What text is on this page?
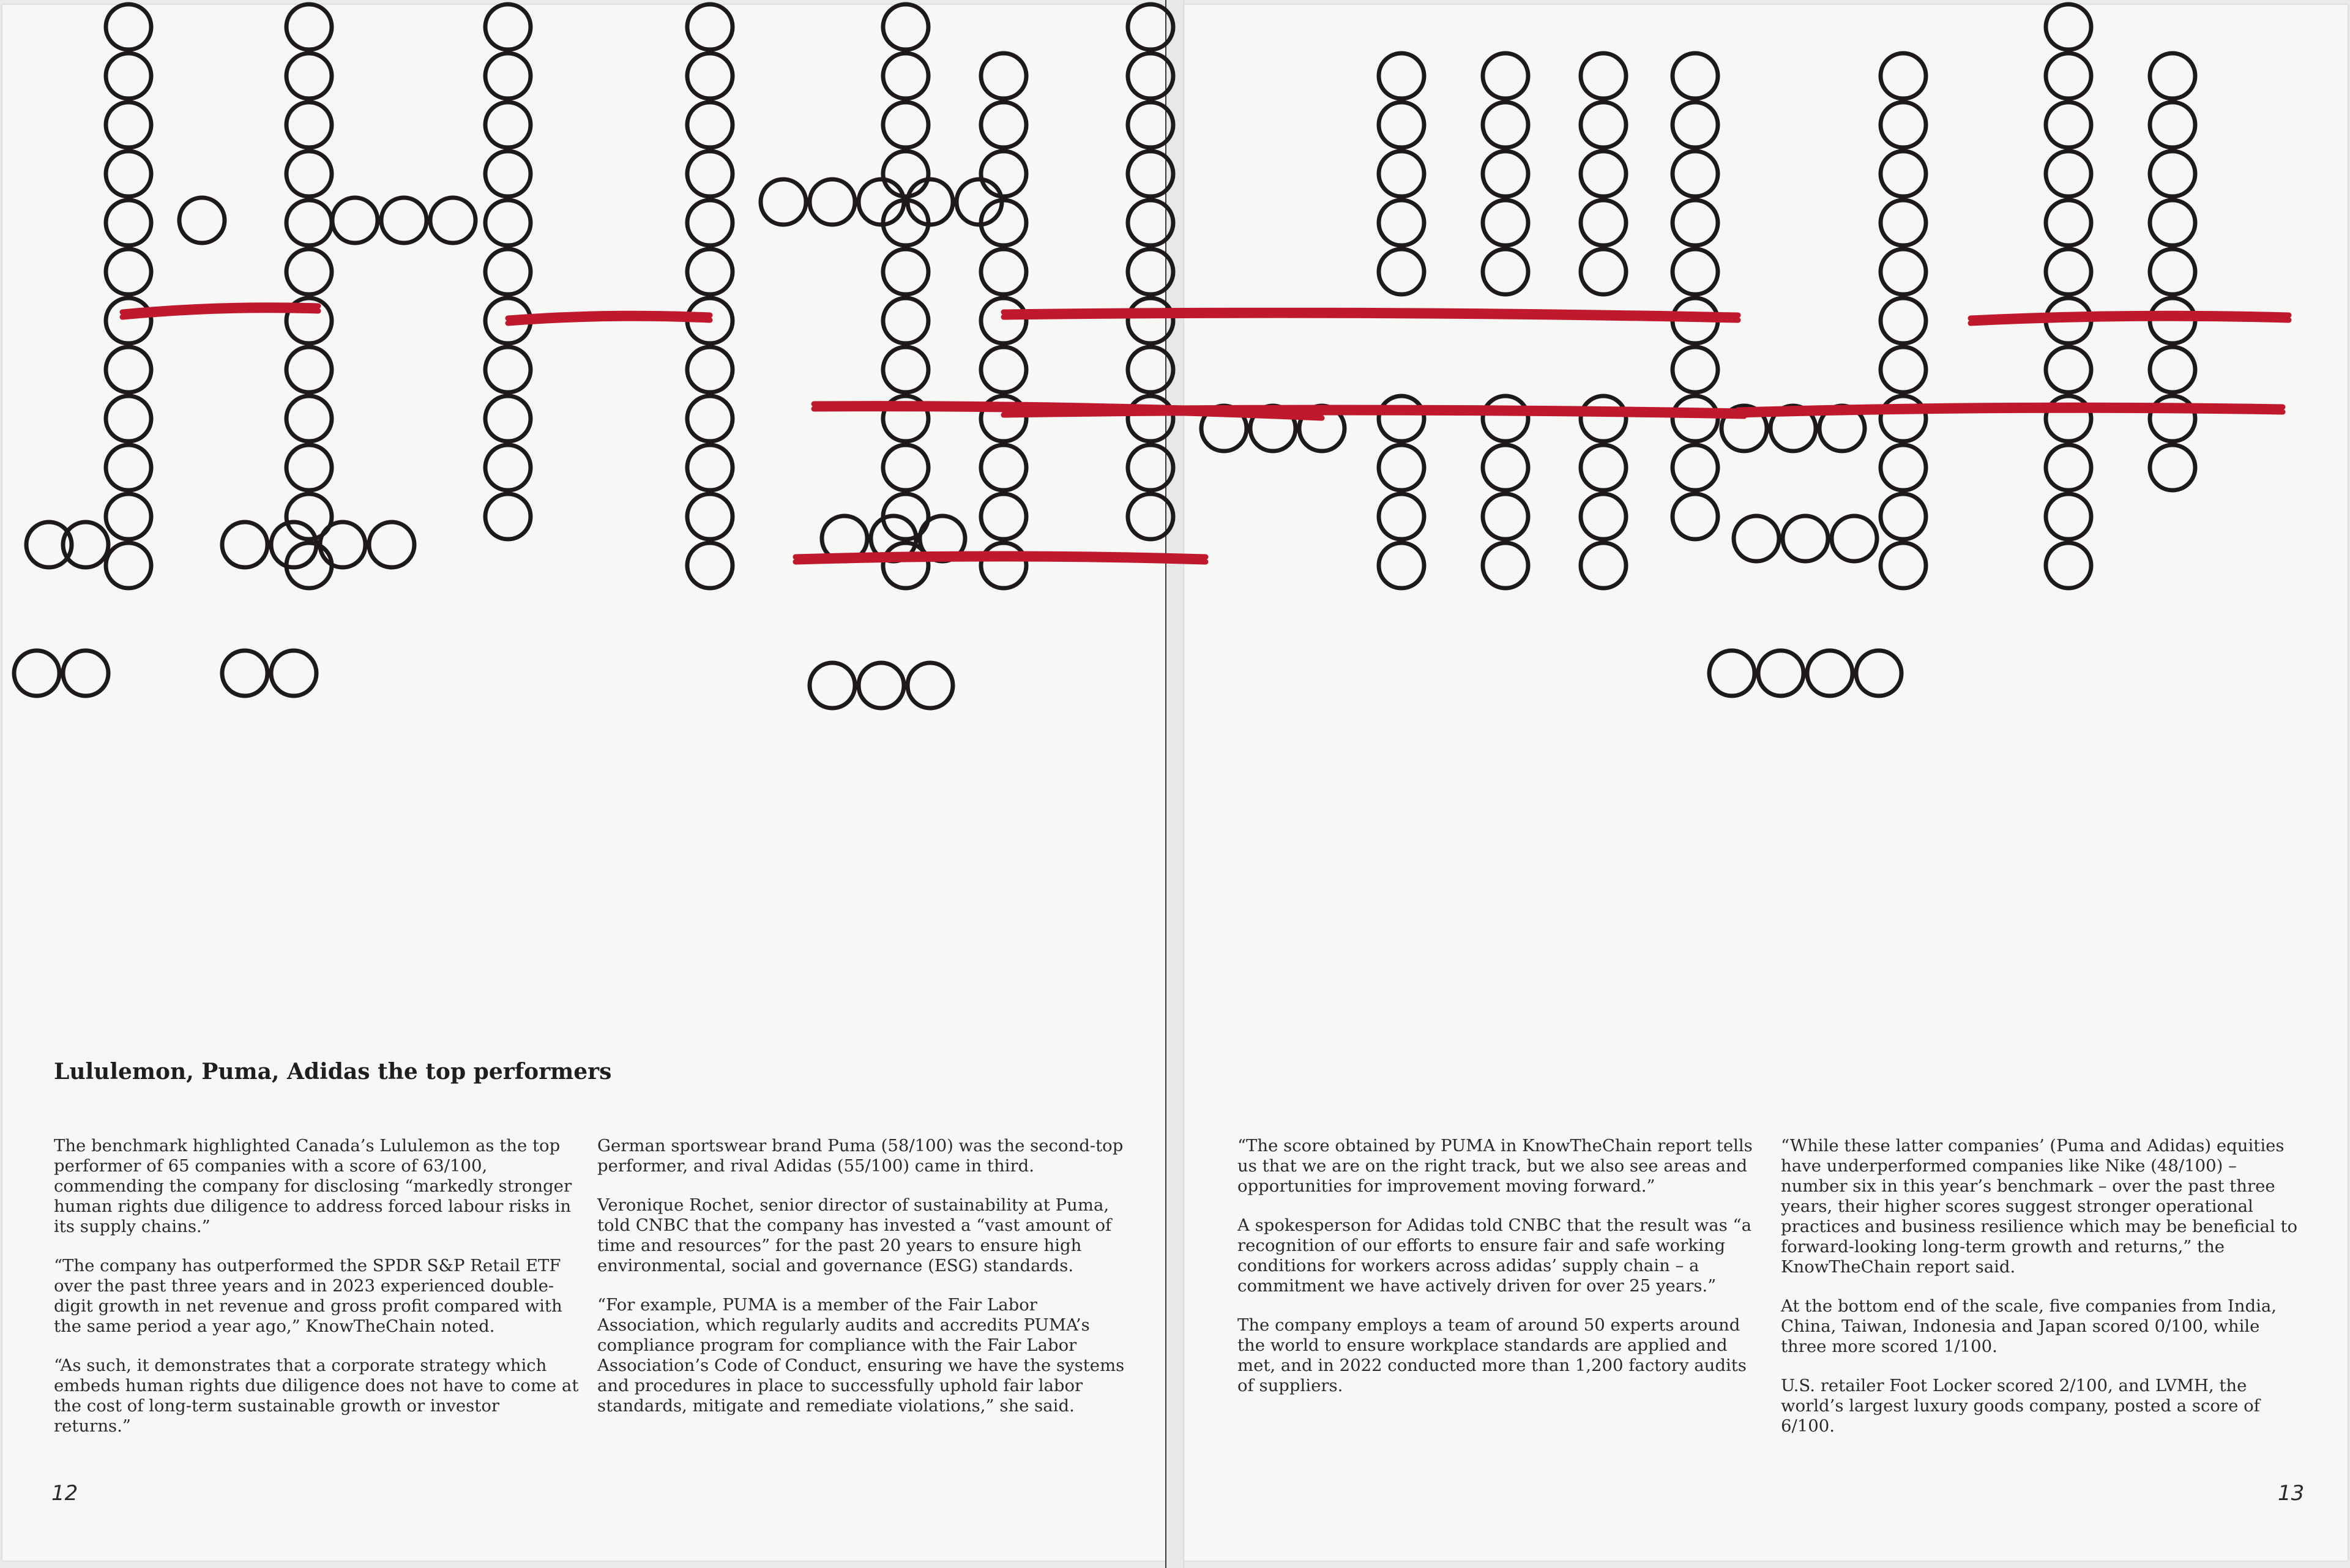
Lululemon, Puma, Adidas the top performers

The benchmark highlighted Canada’s Lululemon as the top performer of 65 companies with a score of 63/100, commending the company for disclosing “markedly stronger human rights due diligence to address forced labour risks in its supply chains.”

“The company has outperformed the SPDR S&P Retail ETF over the past three years and in 2023 experienced double-digit growth in net revenue and gross profit compared with the same period a year ago,” KnowTheChain noted.

“As such, it demonstrates that a corporate strategy which embeds human rights due diligence does not have to come at the cost of long-term sustainable growth or investor returns.”

German sportswear brand Puma (58/100) was the second-top performer, and rival Adidas (55/100) came in third.

Veronique Rochet, senior director of sustainability at Puma, told CNBC that the company has invested a “vast amount of time and resources” for the past 20 years to ensure high environmental, social and governance (ESG) standards.

“For example, PUMA is a member of the Fair Labor Association, which regularly audits and accredits PUMA’s compliance program for compliance with the Fair Labor Association’s Code of Conduct, ensuring we have the systems and procedures in place to successfully uphold fair labor standards, mitigate and remediate violations,” she said.

“The score obtained by PUMA in KnowTheChain report tells us that we are on the right track, but we also see areas and opportunities for improvement moving forward.”

A spokesperson for Adidas told CNBC that the result was “a recognition of our efforts to ensure fair and safe working conditions for workers across adidas’ supply chain – a commitment we have actively driven for over 25 years.”

The company employs a team of around 50 experts around the world to ensure workplace standards are applied and met, and in 2022 conducted more than 1,200 factory audits of suppliers.

“While these latter companies’ (Puma and Adidas) equities have underperformed companies like Nike (48/100) – number six in this year’s benchmark – over the past three years, their higher scores suggest stronger operational practices and business resilience which may be beneficial to forward-looking long-term growth and returns,” the KnowTheChain report said.

At the bottom end of the scale, five companies from India, China, Taiwan, Indonesia and Japan scored 0/100, while three more scored 1/100.

U.S. retailer Foot Locker scored 2/100, and LVMH, the world’s largest luxury goods company, posted a score of 6/100.

12	13
